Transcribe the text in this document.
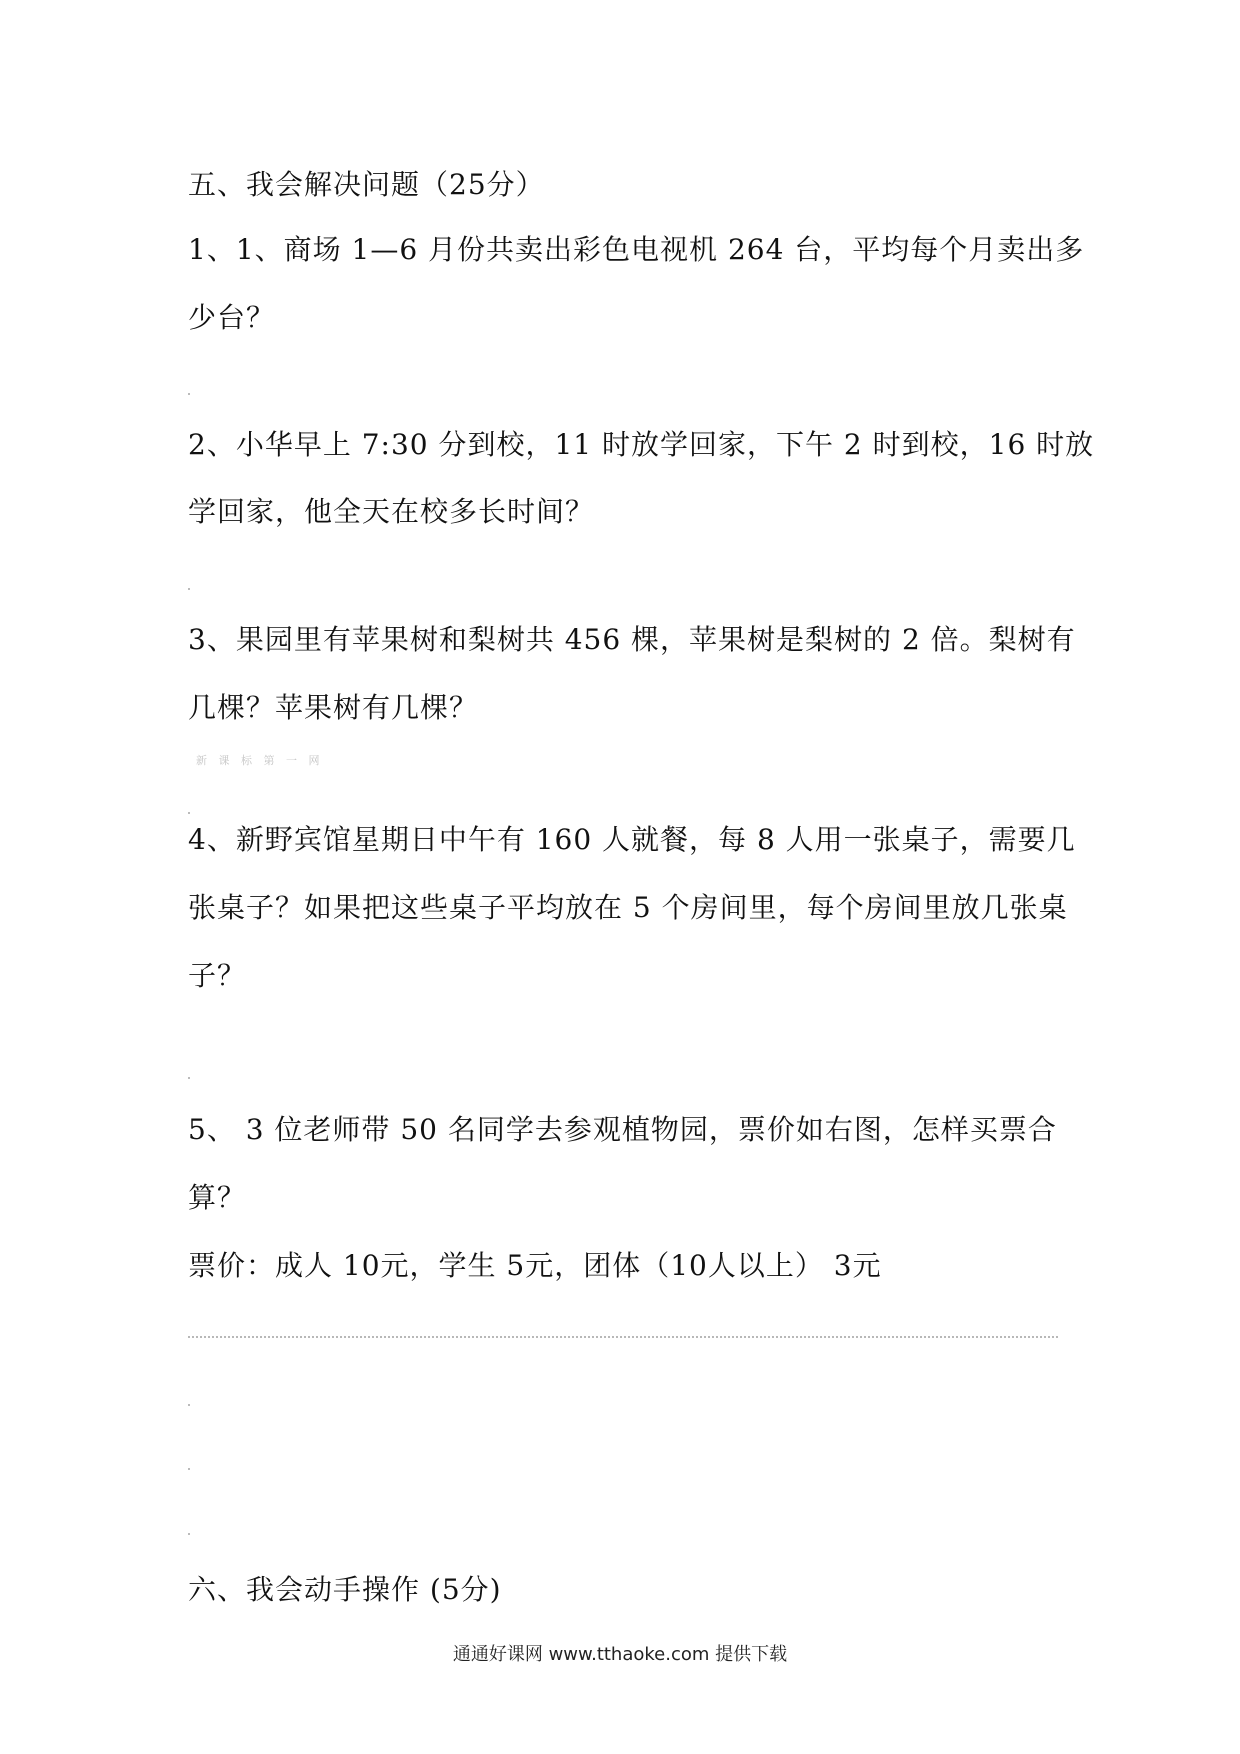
五、我会解决问题（25分）
1、1、商场 1—6 月份共卖出彩色电视机 264 台，平均每个月卖出多
少台？
2、小华早上 7:30 分到校，11 时放学回家，下午 2 时到校，16 时放
学回家，他全天在校多长时间？
3、果园里有苹果树和梨树共 456 棵，苹果树是梨树的 2 倍。梨树有
几棵？苹果树有几棵？
新 课 标 第 一 网
4、新野宾馆星期日中午有 160 人就餐，每 8 人用一张桌子，需要几
张桌子？如果把这些桌子平均放在 5 个房间里，每个房间里放几张桌
子？
5、 3 位老师带 50 名同学去参观植物园，票价如右图，怎样买票合
算？
票价：成人 10元，学生 5元，团体（10人以上） 3元
六、我会动手操作 (5分)
通通好课网 www.tthaoke.com 提供下载
